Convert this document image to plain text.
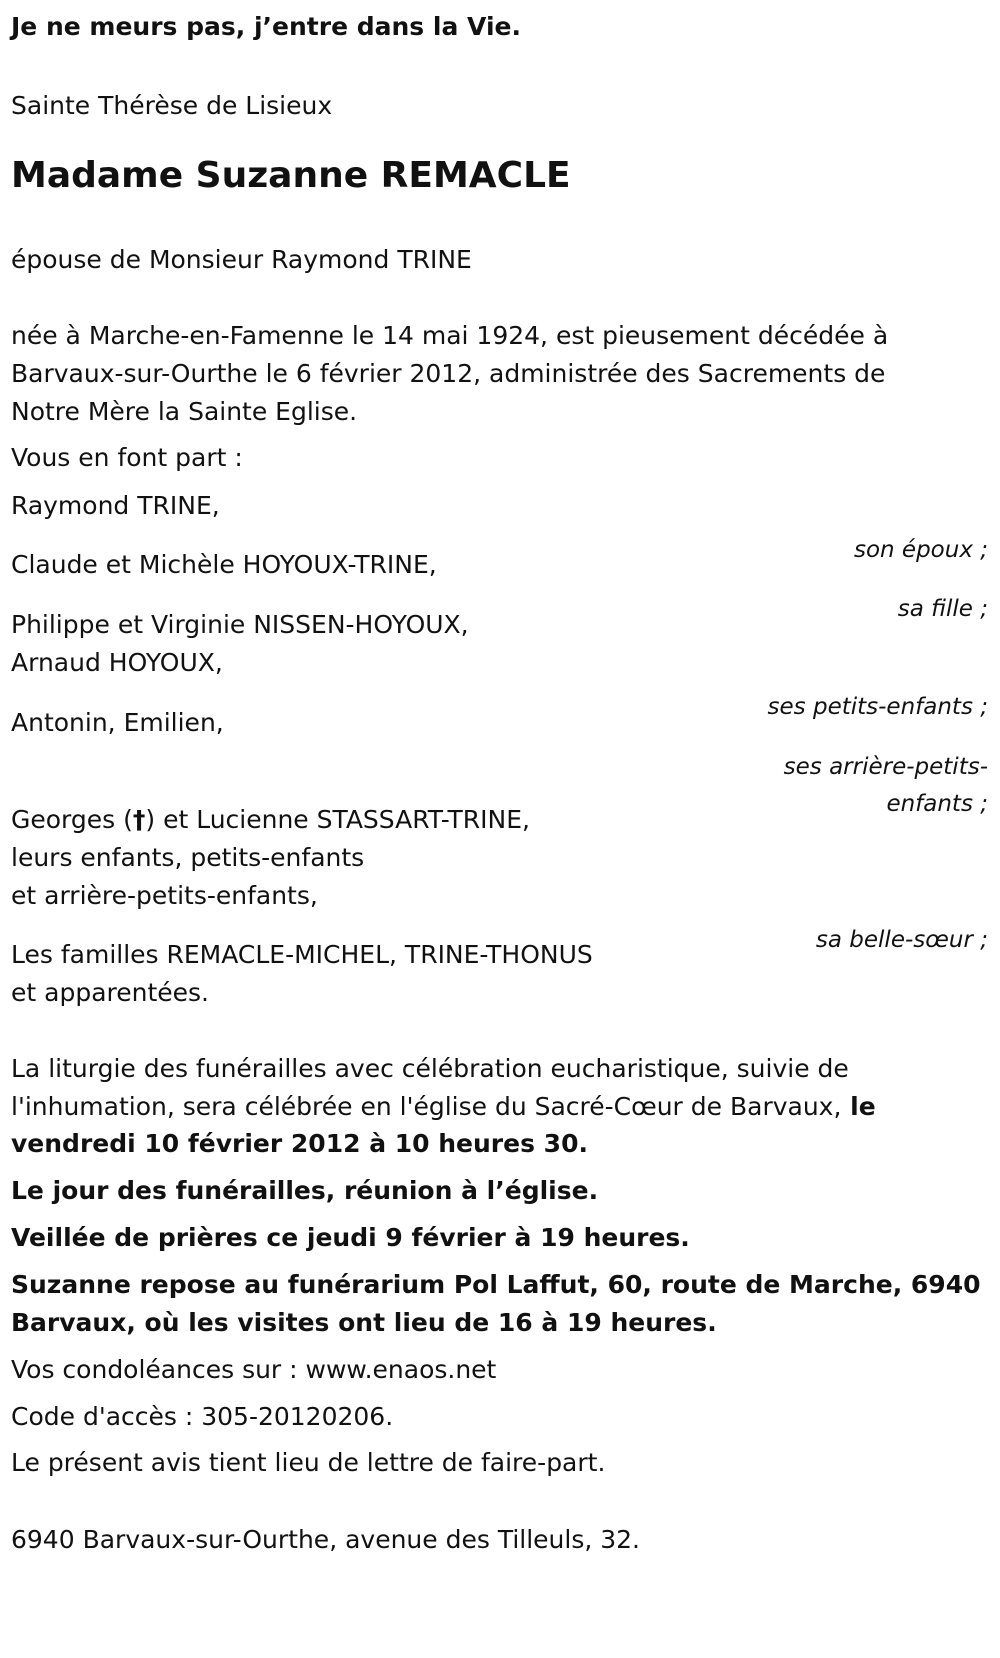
Je ne meurs pas, j’entre dans la Vie.

Sainte Thérèse de Lisieux

Madame Suzanne REMACLE

épouse de Monsieur Raymond TRINE

née à Marche-en-Famenne le 14 mai 1924, est pieusement décédée à

Barvaux-sur-Ourthe le 6 février 2012, administrée des Sacrements de

Notre Mère la Sainte Eglise.

Vous en font part :

Raymond TRINE,

son époux ;

Claude et Michèle HOYOUX-TRINE,

sa fille ;

Philippe et Virginie NISSEN-HOYOUX,

Arnaud HOYOUX,

ses petits-enfants ;

Antonin, Emilien,

ses arrière-petits-

enfants ;

Georges (†) et Lucienne STASSART-TRINE,

leurs enfants, petits-enfants

et arrière-petits-enfants,

sa belle-sœur ;

Les familles REMACLE-MICHEL, TRINE-THONUS

et apparentées.

La liturgie des funérailles avec célébration eucharistique, suivie de

l'inhumation, sera célébrée en l'église du Sacré-Cœur de Barvaux, le

vendredi 10 février 2012 à 10 heures 30.

Le jour des funérailles, réunion à l’église.

Veillée de prières ce jeudi 9 février à 19 heures.

Suzanne repose au funérarium Pol Laffut, 60, route de Marche, 6940

Barvaux, où les visites ont lieu de 16 à 19 heures.

Vos condoléances sur : www.enaos.net

Code d'accès : 305-20120206.

Le présent avis tient lieu de lettre de faire-part.

6940 Barvaux-sur-Ourthe, avenue des Tilleuls, 32.
